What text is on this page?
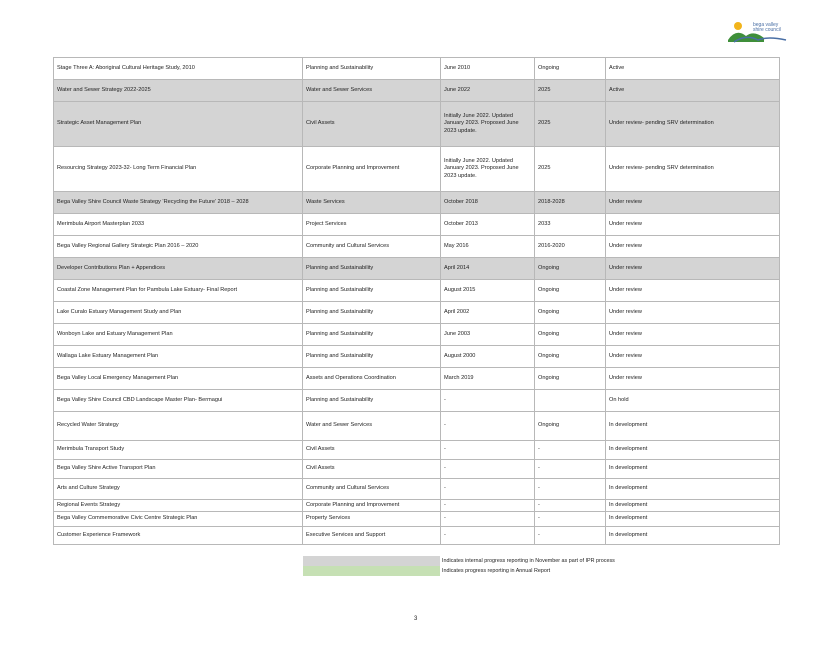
bega valley
shire council
Stage Three A: Aboriginal Cultural Heritage Study, 2010	Planning and Sustainability	June 2010	Ongoing	Active
Water and Sewer Strategy 2022-2025	Water and Sewer Services	June 2022	2025	Active
Strategic Asset Management Plan	Civil Assets	Initially June 2022. Updated January 2023. Proposed June 2023 update.	2025	Under review- pending SRV determination
Resourcing Strategy 2023-32- Long Term Financial Plan	Corporate Planning and Improvement	Initially June 2022. Updated January 2023. Proposed June 2023 update.	2025	Under review- pending SRV determination
Bega Valley Shire Council Waste Strategy ‘Recycling the Future’ 2018 – 2028	Waste Services	October 2018	2018-2028	Under review
Merimbula Airport Masterplan 2033	Project Services	October 2013	2033	Under review
Bega Valley Regional Gallery Strategic Plan 2016 – 2020	Community and Cultural Services	May 2016	2016-2020	Under review
Developer Contributions Plan + Appendices	Planning and Sustainability	April 2014	Ongoing	Under review
Coastal Zone Management Plan for Pambula Lake Estuary- Final Report	Planning and Sustainability	August 2015	Ongoing	Under review
Lake Curalo Estuary Management Study and Plan	Planning and Sustainability	April 2002	Ongoing	Under review
Wonboyn Lake and Estuary Management Plan	Planning and Sustainability	June 2003	Ongoing	Under review
Wallaga Lake Estuary Management Plan	Planning and Sustainability	August 2000	Ongoing	Under review
Bega Valley Local Emergency Management Plan	Assets and Operations Coordination	March 2019	Ongoing	Under review
Bega Valley Shire Council CBD Landscape Master Plan- Bermagui	Planning and Sustainability	-		On hold
Recycled Water Strategy	Water and Sewer Services	-	Ongoing	In development
Merimbula Transport Study	Civil Assets	-	-	In development
Bega Valley Shire Active Transport Plan	Civil Assets	-	-	In development
Arts and Culture Strategy	Community and Cultural Services	-	-	In development
Regional Events Strategy	Corporate Planning and Improvement	-	-	In development
Bega Valley Commemorative Civic Centre Strategic Plan	Property Services	-	-	In development
Customer Experience Framework	Executive Services and Support	-	-	In development
Indicates internal progress reporting in November as part of IPR process
Indicates progress reporting in Annual Report
3
